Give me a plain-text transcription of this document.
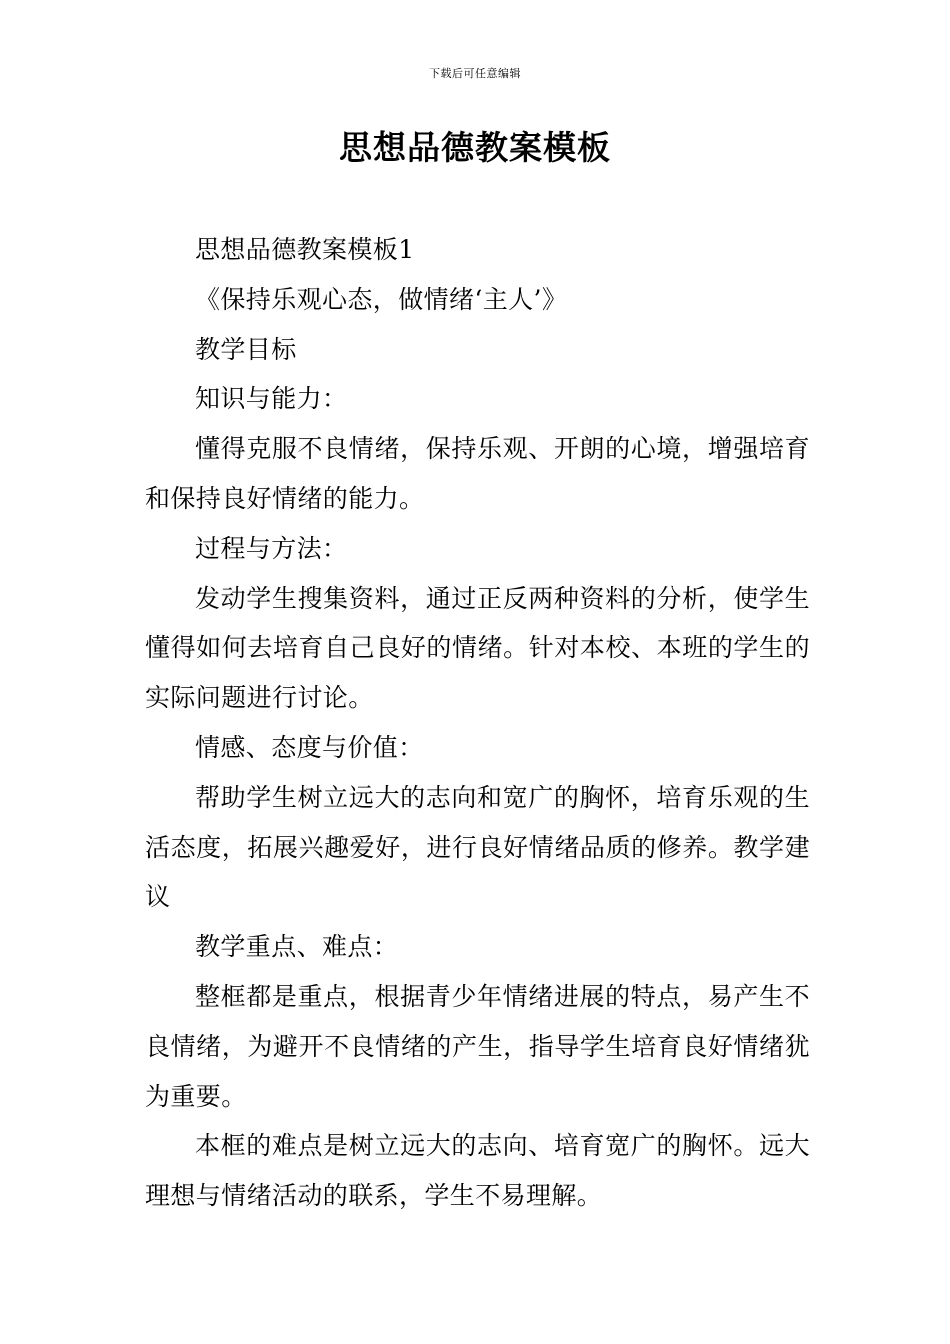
下载后可任意编辑
思想品德教案模板

思想品德教案模板1

《保持乐观心态，做情绪‘主人’》

教学目标

知识与能力：

懂得克服不良情绪，保持乐观、开朗的心境，增强培育和保持良好情绪的能力。

过程与方法：

发动学生搜集资料，通过正反两种资料的分析，使学生懂得如何去培育自己良好的情绪。针对本校、本班的学生的实际问题进行讨论。

情感、态度与价值：

帮助学生树立远大的志向和宽广的胸怀，培育乐观的生活态度，拓展兴趣爱好，进行良好情绪品质的修养。教学建议

教学重点、难点：

整框都是重点，根据青少年情绪进展的特点，易产生不良情绪，为避开不良情绪的产生，指导学生培育良好情绪犹为重要。

本框的难点是树立远大的志向、培育宽广的胸怀。远大理想与情绪活动的联系，学生不易理解。
